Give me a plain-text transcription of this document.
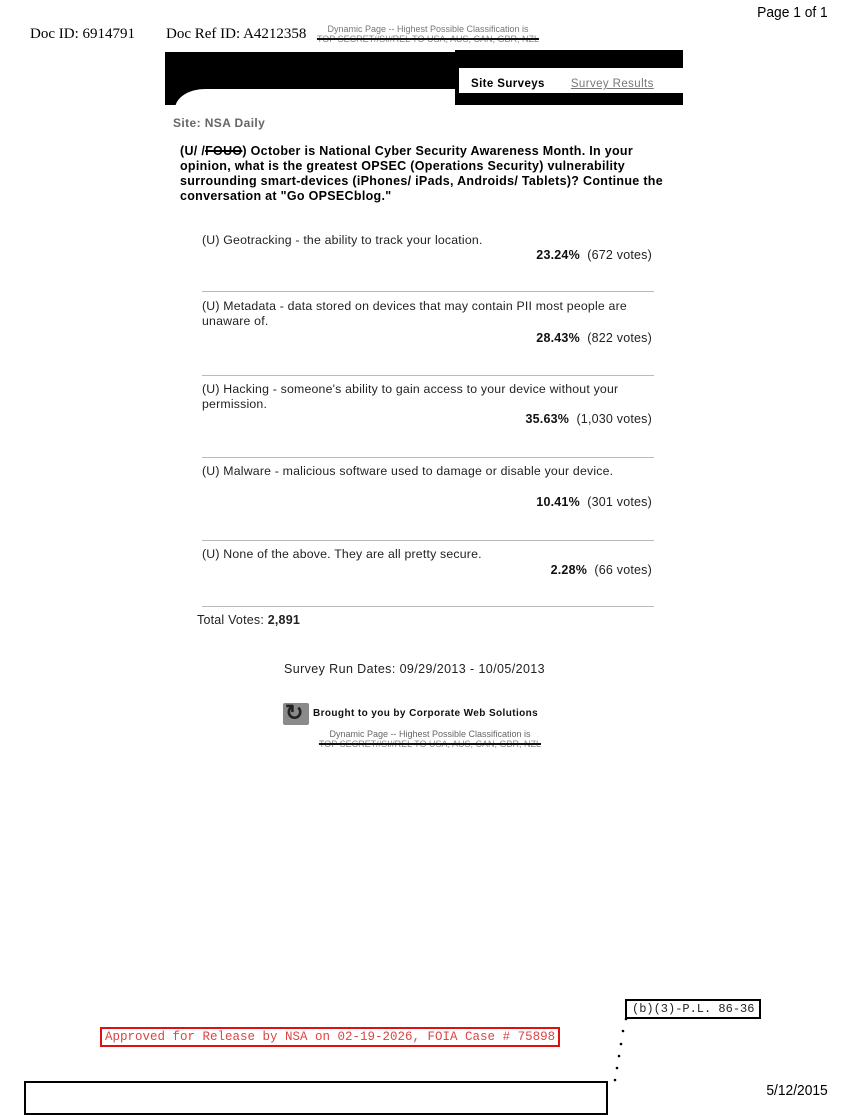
Page 1 of 1
Doc ID: 6914791	Dynamic Page -- Highest Possible Classification is
TOP SECRET//SI//REL TO USA, AUS, CAN, GBR, NZL
Doc Ref ID: A4212358
Site Surveys Survey Results
Site: NSA Daily
(U/ /FOUO) October is National Cyber Security Awareness Month. In your opinion, what is the greatest OPSEC (Operations Security) vulnerability surrounding smart-devices (iPhones/ iPads, Androids/ Tablets)? Continue the conversation at "Go OPSECblog."
(U) Geotracking - the ability to track your location.
23.24% (672 votes)
(U) Metadata - data stored on devices that may contain PII most people are unaware of.
28.43% (822 votes)
(U) Hacking - someone's ability to gain access to your device without your permission.
35.63% (1,030 votes)
(U) Malware - malicious software used to damage or disable your device.
10.41% (301 votes)
(U) None of the above. They are all pretty secure.
2.28% (66 votes)
Total Votes: 2,891
Survey Run Dates: 09/29/2013 - 10/05/2013
↻ Brought to you by Corporate Web Solutions
Dynamic Page -- Highest Possible Classification is
TOP SECRET//SI//REL TO USA, AUS, CAN, GBR, NZL
(b)(3)-P.L. 86-36
Approved for Release by NSA on 02-19-2026, FOIA Case # 75898
5/12/2015
